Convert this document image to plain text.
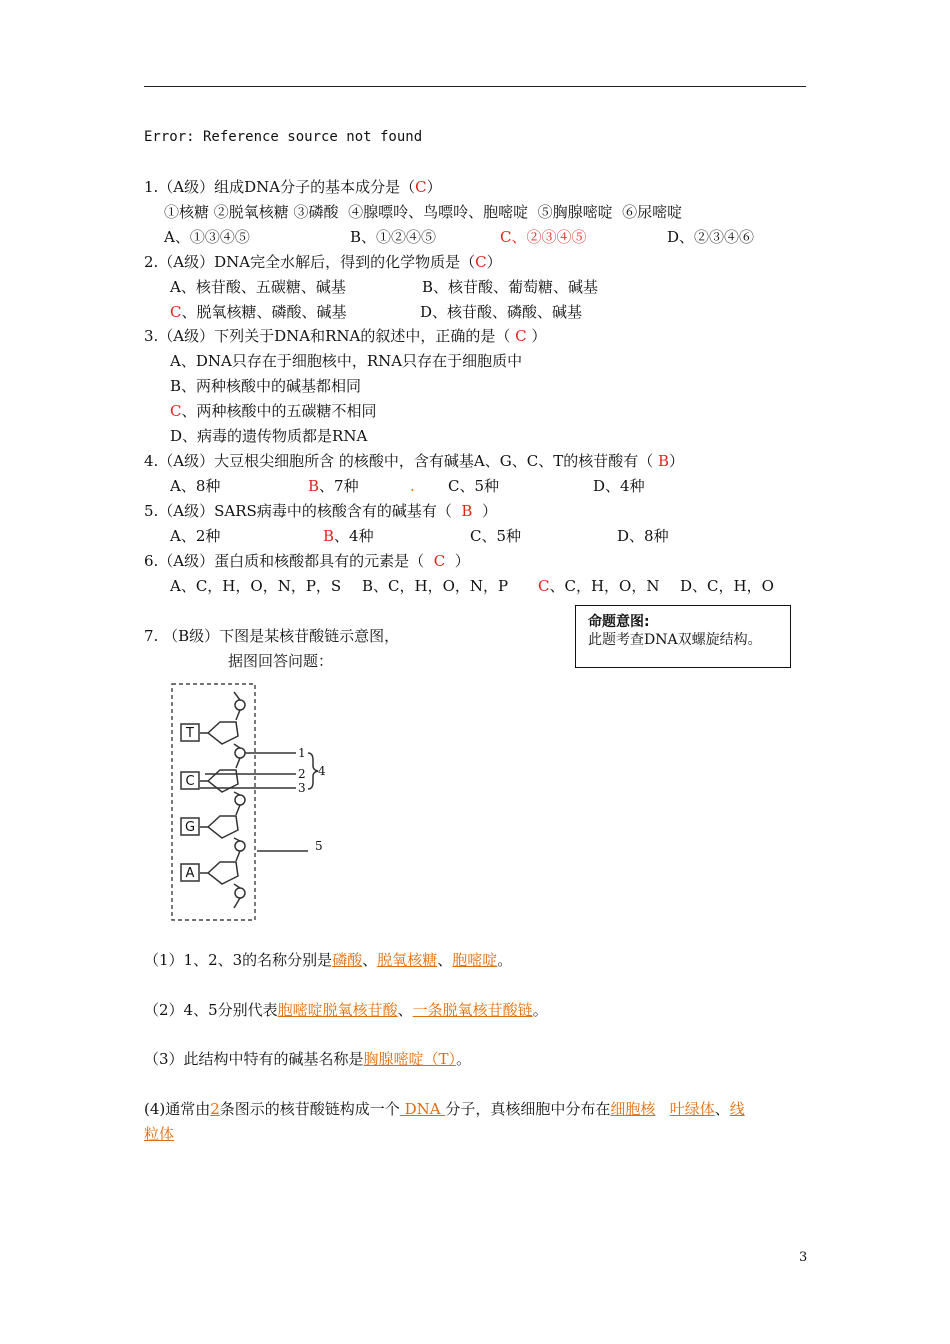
Error: Reference source not found
1.（A级）组成DNA分子的基本成分是（C）
①核糖 ②脱氧核糖 ③磷酸  ④腺嘌呤、鸟嘌呤、胞嘧啶  ⑤胸腺嘧啶  ⑥尿嘧啶
A、①③④⑤	B、①②④⑤	C、②③④⑤	D、②③④⑥
2.（A级）DNA完全水解后，得到的化学物质是（C）
A、核苷酸、五碳糖、碱基	B、核苷酸、葡萄糖、碱基
C、脱氧核糖、磷酸、碱基	D、核苷酸、磷酸、碱基
3.（A级）下列关于DNA和RNA的叙述中，正确的是（ C ）
A、DNA只存在于细胞核中，RNA只存在于细胞质中
B、两种核酸中的碱基都相同
C、两种核酸中的五碳糖不相同
D、病毒的遗传物质都是RNA
4.（A级）大豆根尖细胞所含 的核酸中，含有碱基A、G、C、T的核苷酸有（ B）
A、8种	B、7种	. C、5种	D、4种
5.（A级）SARS病毒中的核酸含有的碱基有（  B  ）
A、2种	B、4种	C、5种	D、8种
6.（A级）蛋白质和核酸都具有的元素是（  C  ）
A、C，H，O，N，P，S B、C，H，O，N，P C、C，H，O，N D、C，H，O
7. （B级）下图是某核苷酸链示意图，
据图回答问题：
命题意图:
此题考查DNA双螺旋结构。
T
C
G
A
1
2
3
4
5
（1）1、2、3的名称分别是磷酸、脱氧核糖、胞嘧啶。
（2）4、5分别代表胞嘧啶脱氧核苷酸、一条脱氧核苷酸链。
（3）此结构中特有的碱基名称是胸腺嘧啶（T）。
(4)通常由2条图示的核苷酸链构成一个 DNA 分子，真核细胞中分布在细胞核 叶绿体、线
粒体
3
